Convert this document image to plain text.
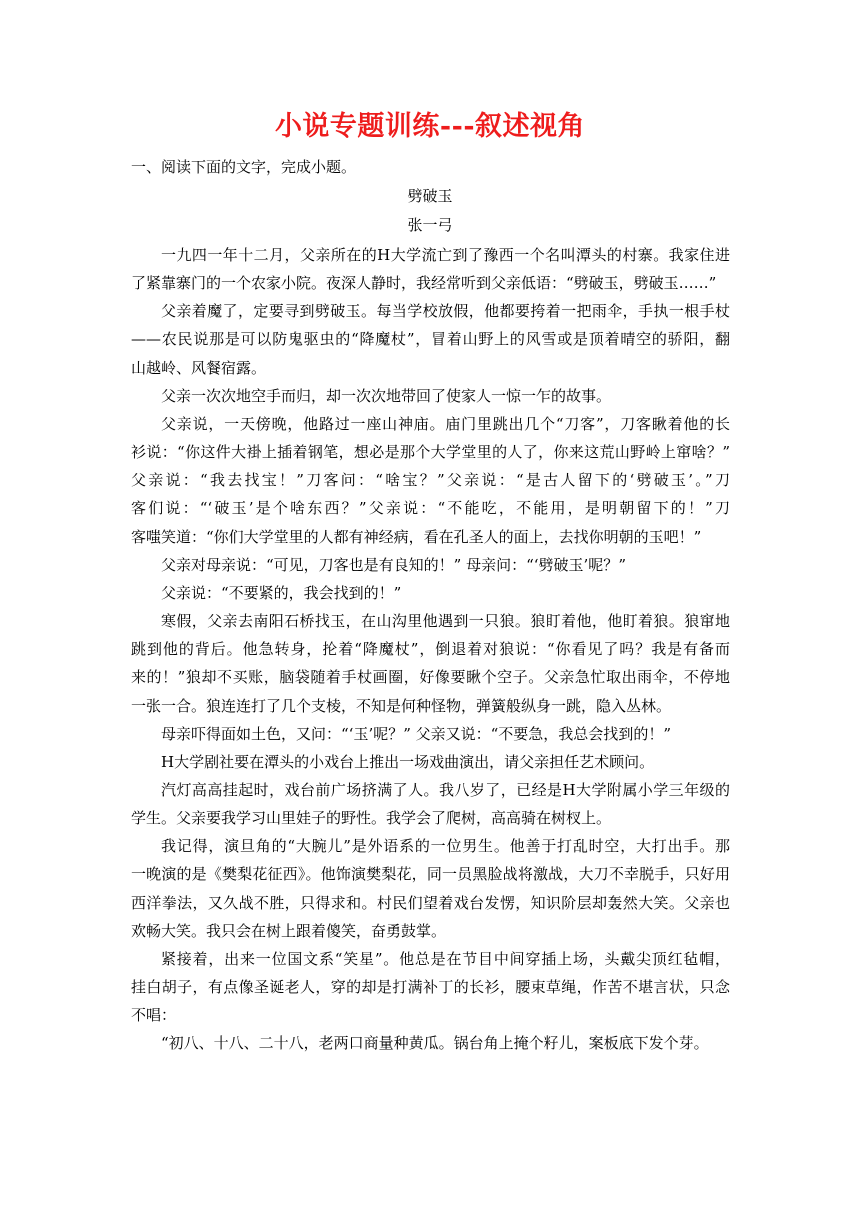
小说专题训练---叙述视角
一、阅读下面的文字，完成小题。
劈破玉
张一弓
一九四一年十二月，父亲所在的H大学流亡到了豫西一个名叫潭头的村寨。我家住进
了紧靠寨门的一个农家小院。夜深人静时，我经常听到父亲低语：“劈破玉，劈破玉……”
父亲着魔了，定要寻到劈破玉。每当学校放假，他都要挎着一把雨伞，手执一根手杖
——农民说那是可以防鬼驱虫的“降魔杖”，冒着山野上的风雪或是顶着晴空的骄阳，翻
山越岭、风餐宿露。
父亲一次次地空手而归，却一次次地带回了使家人一惊一乍的故事。
父亲说，一天傍晚，他路过一座山神庙。庙门里跳出几个“刀客”，刀客瞅着他的长
衫说：“你这件大褂上插着钢笔，想必是那个大学堂里的人了，你来这荒山野岭上窜啥？”
父亲说：“我去找宝！”刀客问：“啥宝？”父亲说：“是古人留下的‘劈破玉’。”刀
客们说：“‘破玉’是个啥东西？”父亲说：“不能吃，不能用，是明朝留下的！”刀
客嗤笑道：“你们大学堂里的人都有神经病，看在孔圣人的面上，去找你明朝的玉吧！”
父亲对母亲说：“可见，刀客也是有良知的！” 母亲问：“‘劈破玉’呢？”
父亲说：“不要紧的，我会找到的！”
寒假，父亲去南阳石桥找玉，在山沟里他遇到一只狼。狼盯着他，他盯着狼。狼窜地
跳到他的背后。他急转身，抡着“降魔杖”，倒退着对狼说：“你看见了吗？我是有备而
来的！”狼却不买账，脑袋随着手杖画圈，好像要瞅个空子。父亲急忙取出雨伞，不停地
一张一合。狼连连打了几个支棱，不知是何种怪物，弹簧般纵身一跳，隐入丛林。
母亲吓得面如土色，又问：“‘玉’呢？” 父亲又说：“不要急，我总会找到的！”
H大学剧社要在潭头的小戏台上推出一场戏曲演出，请父亲担任艺术顾问。
汽灯高高挂起时，戏台前广场挤满了人。我八岁了，已经是H大学附属小学三年级的
学生。父亲要我学习山里娃子的野性。我学会了爬树，高高骑在树杈上。
我记得，演旦角的“大腕儿”是外语系的一位男生。他善于打乱时空，大打出手。那
一晚演的是《樊梨花征西》。他饰演樊梨花，同一员黑脸战将激战，大刀不幸脱手，只好用
西洋拳法，又久战不胜，只得求和。村民们望着戏台发愣，知识阶层却轰然大笑。父亲也
欢畅大笑。我只会在树上跟着傻笑，奋勇鼓掌。
紧接着，出来一位国文系“笑星”。他总是在节目中间穿插上场，头戴尖顶红毡帽，
挂白胡子，有点像圣诞老人，穿的却是打满补丁的长衫，腰束草绳，作苦不堪言状，只念
不唱：
“初八、十八、二十八，老两口商量种黄瓜。锅台角上掩个籽儿，案板底下发个芽。
